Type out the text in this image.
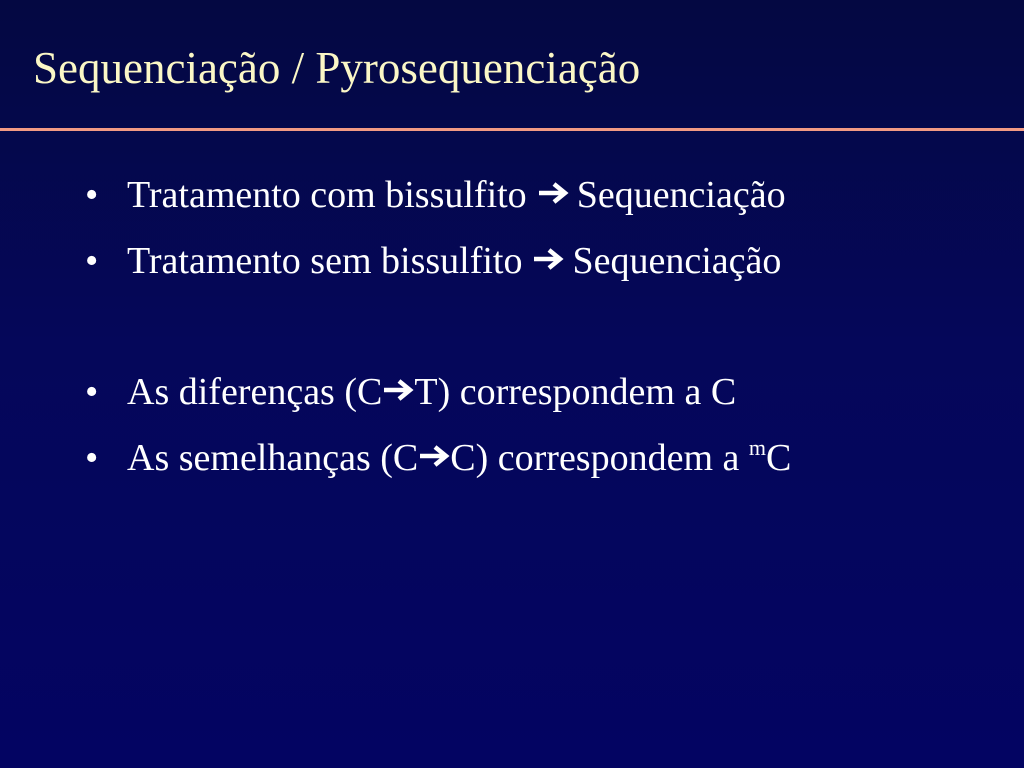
Sequenciação / Pyrosequenciação
• Tratamento com bissulfito Sequenciação
• Tratamento sem bissulfito Sequenciação
• As diferenças (C T) correspondem a C
• As semelhanças (C C) correspondem a $^m$C
